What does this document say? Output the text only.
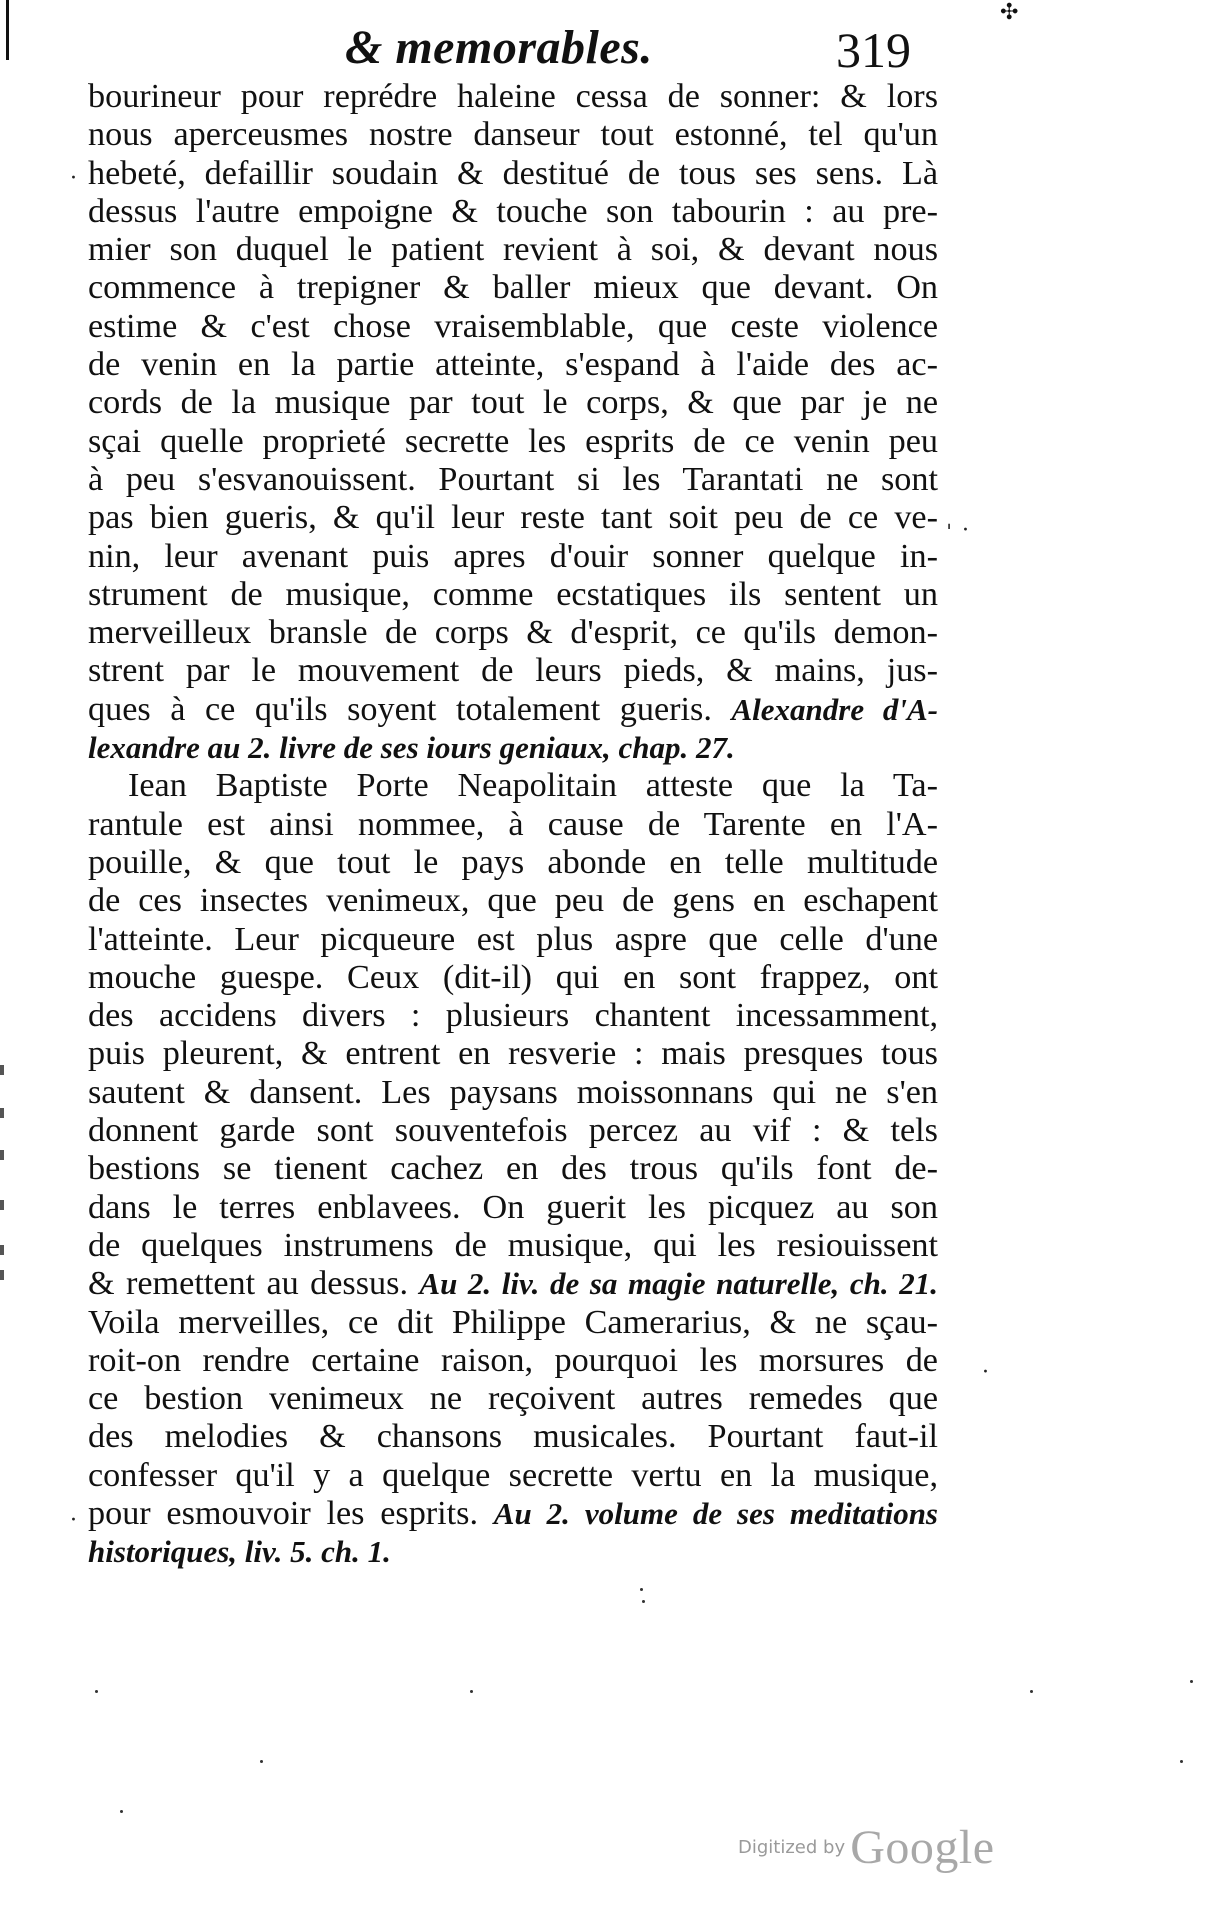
✣
& memorables.	319
bourineur pour reprédre haleine cessa de sonner: & lors
nous aperceusmes nostre danseur tout estonné, tel qu'un
hebeté, defaillir soudain & destitué de tous ses sens. Là
dessus l'autre empoigne & touche son tabourin : au pre-
mier son duquel le patient revient à soi, & devant nous
commence à trepigner & baller mieux que devant. On
estime & c'est chose vraisemblable, que ceste violence
de venin en la partie atteinte, s'espand à l'aide des ac-
cords de la musique par tout le corps, & que par je ne
sçai quelle proprieté secrette les esprits de ce venin peu
à peu s'esvanouissent. Pourtant si les Tarantati ne sont
pas bien gueris, & qu'il leur reste tant soit peu de ce ve-
nin, leur avenant puis apres d'ouir sonner quelque in-
strument de musique, comme ecstatiques ils sentent un
merveilleux bransle de corps & d'esprit, ce qu'ils demon-
strent par le mouvement de leurs pieds, & mains, jus-
ques à ce qu'ils soyent totalement gueris. Alexandre d'A-
lexandre au 2. livre de ses iours geniaux, chap. 27.
Iean Baptiste Porte Neapolitain atteste que la Ta-
rantule est ainsi nommee, à cause de Tarente en l'A-
pouille, & que tout le pays abonde en telle multitude
de ces insectes venimeux, que peu de gens en eschapent
l'atteinte. Leur picqueure est plus aspre que celle d'une
mouche guespe. Ceux (dit-il) qui en sont frappez, ont
des accidens divers : plusieurs chantent incessamment,
puis pleurent, & entrent en resverie : mais presques tous
sautent & dansent. Les paysans moissonnans qui ne s'en
donnent garde sont souventefois percez au vif : & tels
bestions se tienent cachez en des trous qu'ils font de-
dans le terres enblavees. On guerit les picquez au son
de quelques instrumens de musique, qui les resiouissent
& remettent au dessus. Au 2. liv. de sa magie naturelle, ch. 21.
Voila merveilles, ce dit Philippe Camerarius, & ne sçau-
roit-on rendre certaine raison, pourquoi les morsures de
ce bestion venimeux ne reçoivent autres remedes que
des melodies & chansons musicales. Pourtant faut-il
confesser qu'il y a quelque secrette vertu en la musique,
pour esmouvoir les esprits. Au 2. volume de ses meditations
historiques, liv. 5. ch. 1.
·
·
·
·
ˈ
Digitized by Google
